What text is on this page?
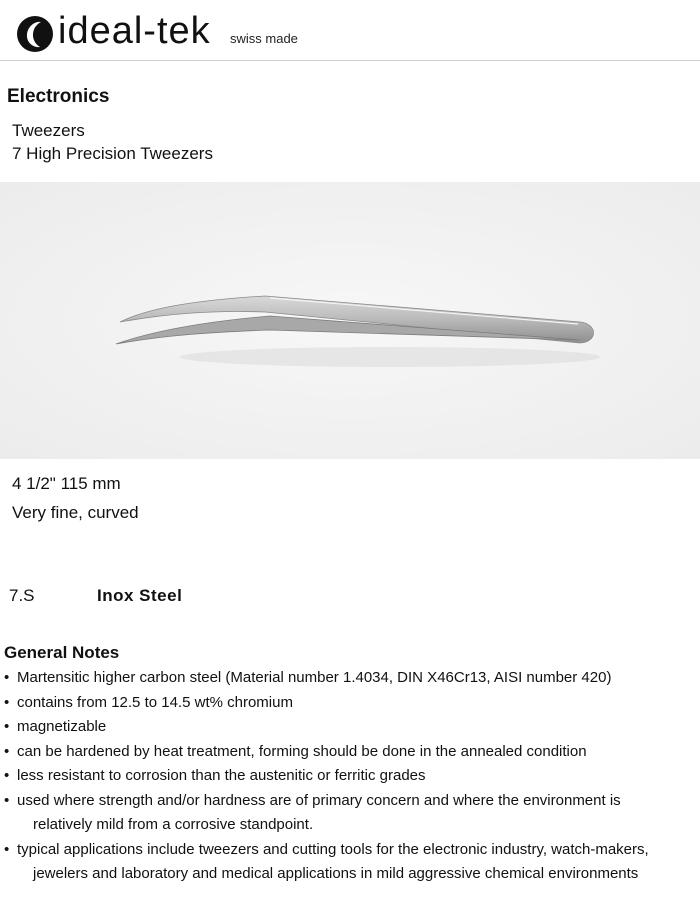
ideal-tek swiss made
Electronics
Tweezers
7 High Precision Tweezers
4 1/2" 115 mm
Very fine, curved
7.S	Inox Steel
General Notes
• Martensitic higher carbon steel (Material number 1.4034, DIN X46Cr13, AISI number 420)
• contains from 12.5 to 14.5 wt% chromium
• magnetizable
• can be hardened by heat treatment, forming should be done in the annealed condition
• less resistant to corrosion than the austenitic or ferritic grades
• used where strength and/or hardness are of primary concern and where the environment is
relatively mild from a corrosive standpoint.
• typical applications include tweezers and cutting tools for the electronic industry, watch-makers,
jewelers and laboratory and medical applications in mild aggressive chemical environments
